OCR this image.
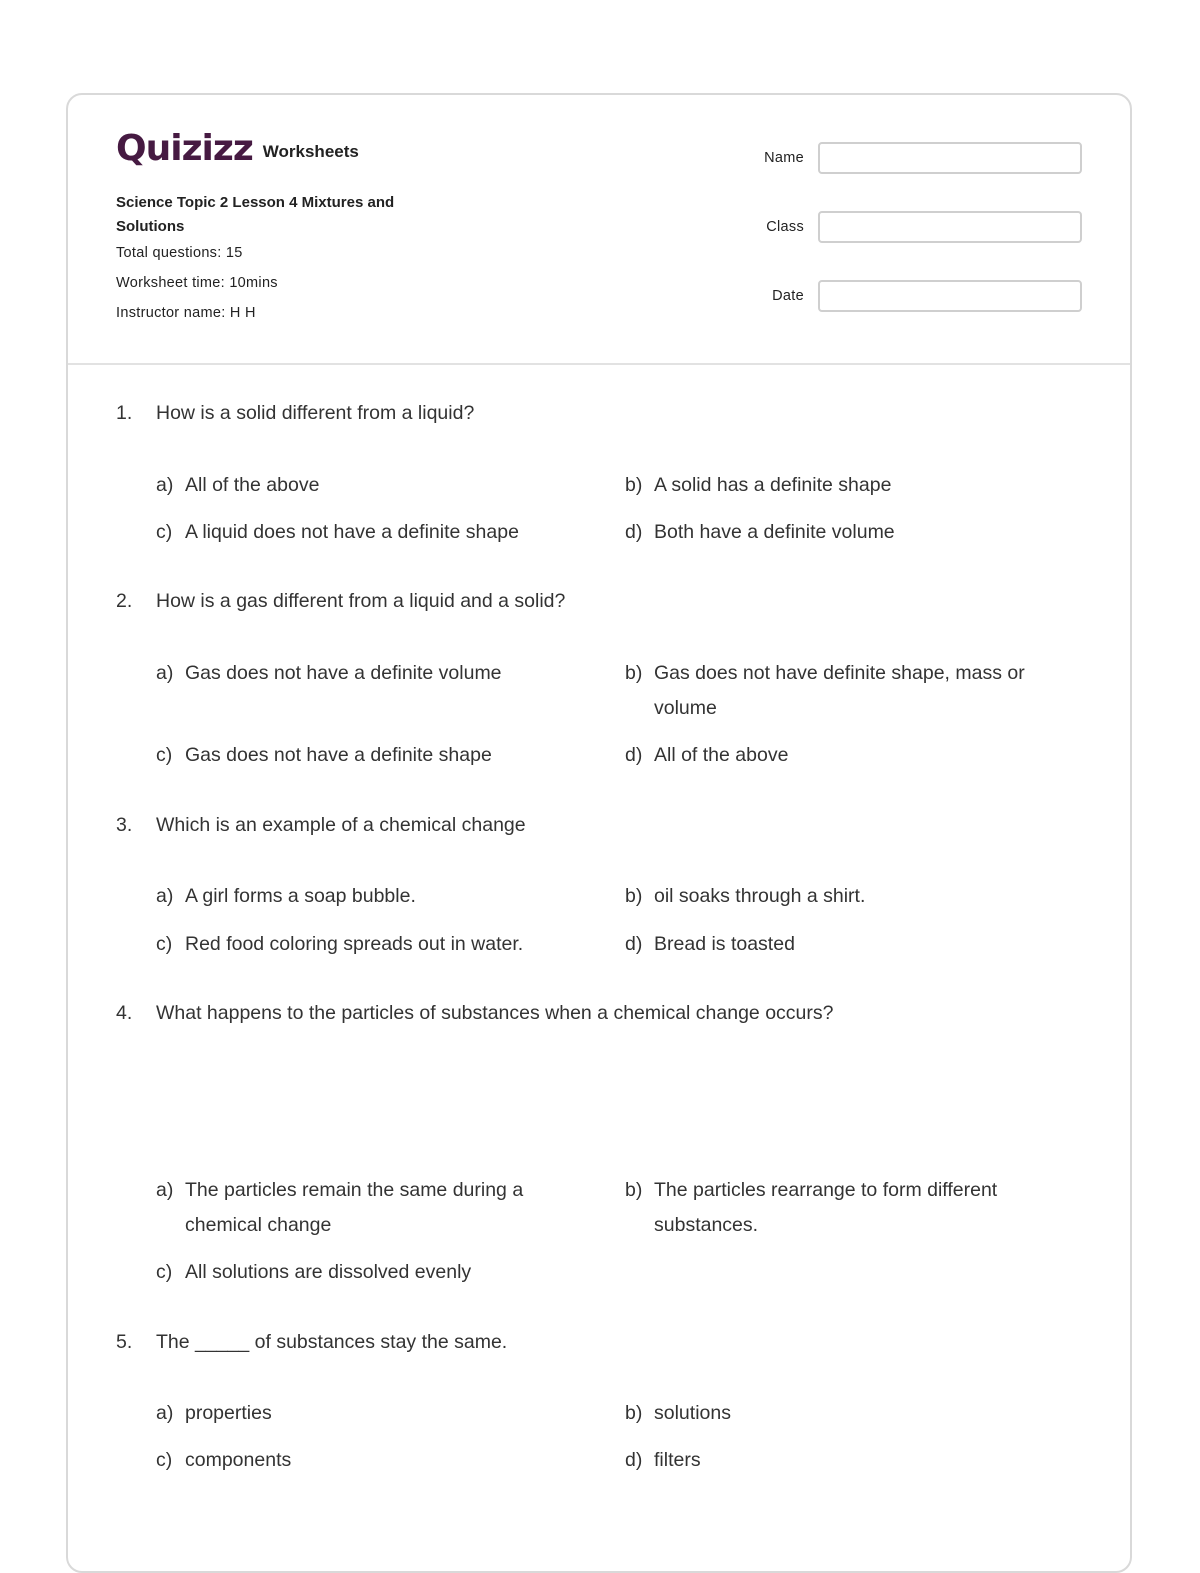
Quizizz Worksheets
Science Topic 2 Lesson 4 Mixtures and Solutions
Total questions: 15
Worksheet time: 10mins
Instructor name: H H
Name
Class
Date
1.	How is a solid different from a liquid?
a) All of the above	b) A solid has a definite shape
c) A liquid does not have a definite shape	d) Both have a definite volume
2.	How is a gas different from a liquid and a solid?
a) Gas does not have a definite volume	b) Gas does not have definite shape, mass or volume
c) Gas does not have a definite shape	d) All of the above
3.	Which is an example of a chemical change
a) A girl forms a soap bubble.	b) oil soaks through a shirt.
c) Red food coloring spreads out in water.	d) Bread is toasted
4.	What happens to the particles of substances when a chemical change occurs?
a) The particles remain the same during a chemical change
b) The particles rearrange to form different substances.
c) All solutions are dissolved evenly
5.	The _____ of substances stay the same.
a) properties	b) solutions
c) components	d) filters
